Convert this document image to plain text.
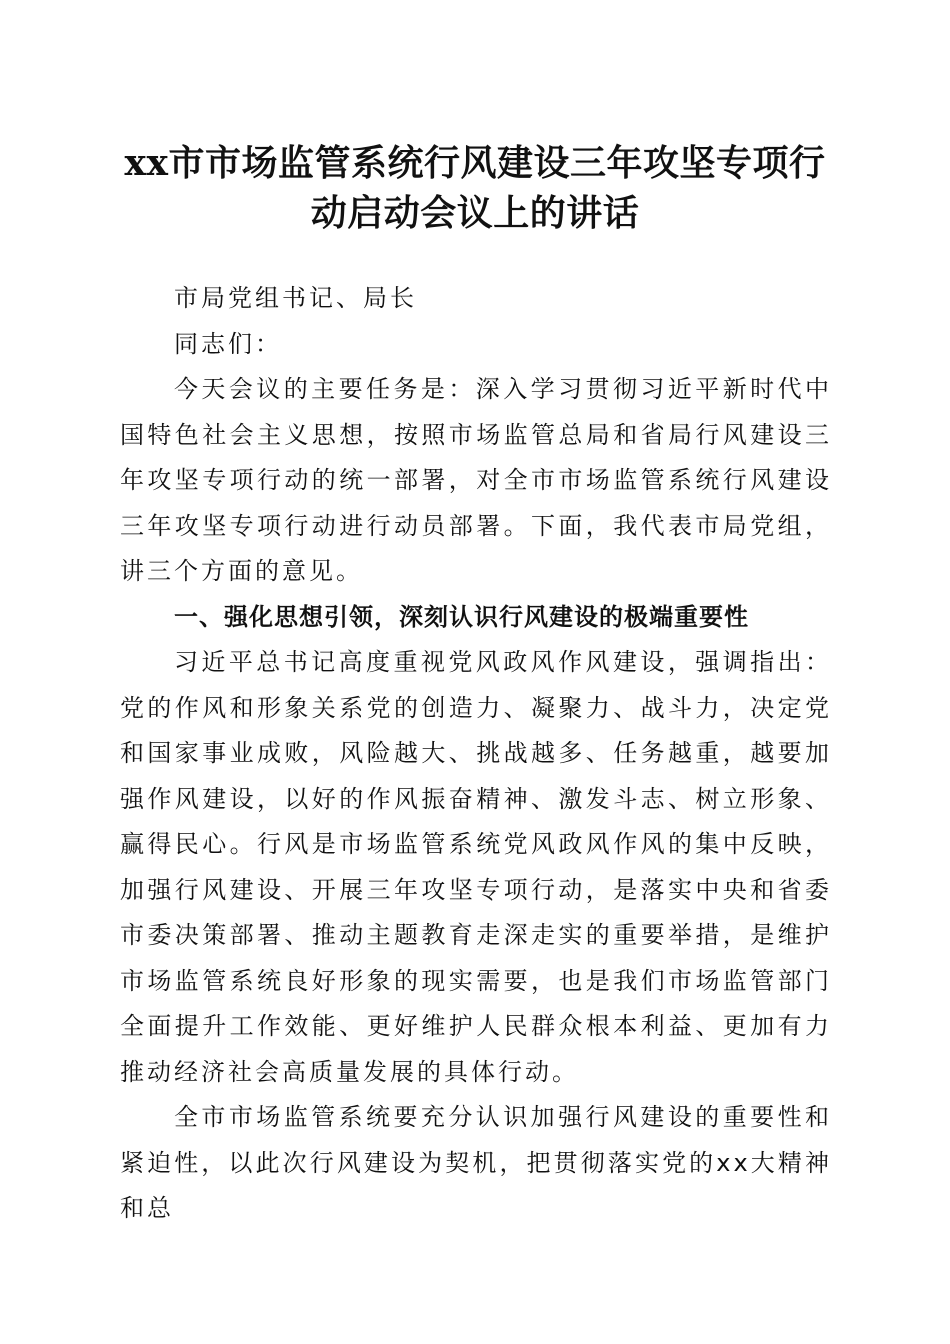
xx市市场监管系统行风建设三年攻坚专项行
动启动会议上的讲话

市局党组书记、局长

同志们：

今天会议的主要任务是：深入学习贯彻习近平新时代中国特色社会主义思想，按照市场监管总局和省局行风建设三年攻坚专项行动的统一部署，对全市市场监管系统行风建设三年攻坚专项行动进行动员部署。下面，我代表市局党组，讲三个方面的意见。

一、强化思想引领，深刻认识行风建设的极端重要性

习近平总书记高度重视党风政风作风建设，强调指出：党的作风和形象关系党的创造力、凝聚力、战斗力，决定党和国家事业成败，风险越大、挑战越多、任务越重，越要加强作风建设，以好的作风振奋精神、激发斗志、树立形象、赢得民心。行风是市场监管系统党风政风作风的集中反映，加强行风建设、开展三年攻坚专项行动，是落实中央和省委市委决策部署、推动主题教育走深走实的重要举措，是维护市场监管系统良好形象的现实需要，也是我们市场监管部门全面提升工作效能、更好维护人民群众根本利益、更加有力推动经济社会高质量发展的具体行动。

全市市场监管系统要充分认识加强行风建设的重要性和紧迫性，以此次行风建设为契机，把贯彻落实党的xx大精神和总
